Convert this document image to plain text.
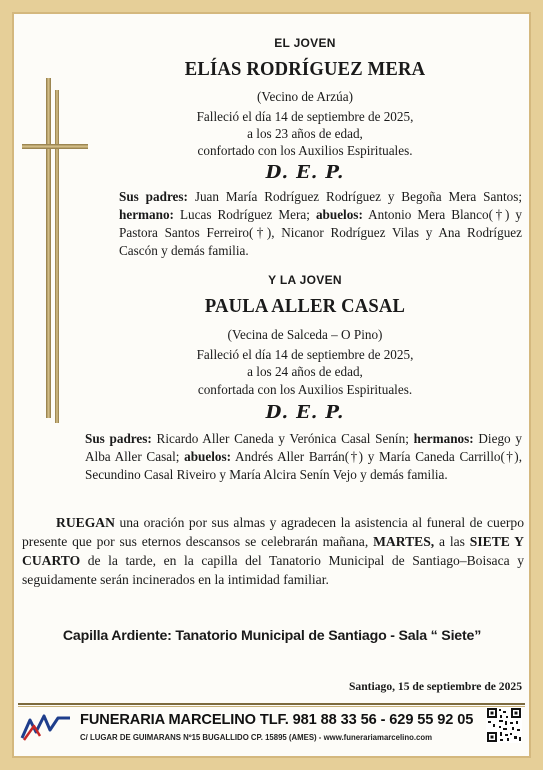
EL JOVEN
ELÍAS RODRÍGUEZ MERA
(Vecino de Arzúa)
Falleció el día 14 de septiembre de 2025,
a los 23 años de edad,
confortado con los Auxilios Espirituales.
D. E. P.
Sus padres: Juan María Rodríguez Rodríguez y Begoña Mera Santos; hermano: Lucas Rodríguez Mera; abuelos: Antonio Mera Blanco(†) y Pastora Santos Ferreiro(†), Nicanor Rodríguez Vilas y Ana Rodríguez Cascón y demás familia.
Y LA JOVEN
PAULA ALLER CASAL
(Vecina de Salceda – O Pino)
Falleció el día 14 de septiembre de 2025,
a los 24 años de edad,
confortada con los Auxilios Espirituales.
D. E. P.
Sus padres: Ricardo Aller Caneda y Verónica Casal Senín; hermanos: Diego y Alba Aller Casal; abuelos: Andrés Aller Barrán(†) y María Caneda Carrillo(†), Secundino Casal Riveiro y María Alcira Senín Vejo y demás familia.
RUEGAN una oración por sus almas y agradecen la asistencia al funeral de cuerpo presente que por sus eternos descansos se celebrarán mañana, MARTES, a las SIETE Y CUARTO de la tarde, en la capilla del Tanatorio Municipal de Santiago–Boisaca y seguidamente serán incinerados en la intimidad familiar.
Capilla Ardiente: Tanatorio Municipal de Santiago - Sala “ Siete”
Santiago, 15 de septiembre de 2025
FUNERARIA MARCELINO TLF. 981 88 33 56 - 629 55 92 05
C/ LUGAR DE GUIMARANS Nº15 BUGALLIDO CP. 15895 (AMES) - www.funerariamarcelino.com
